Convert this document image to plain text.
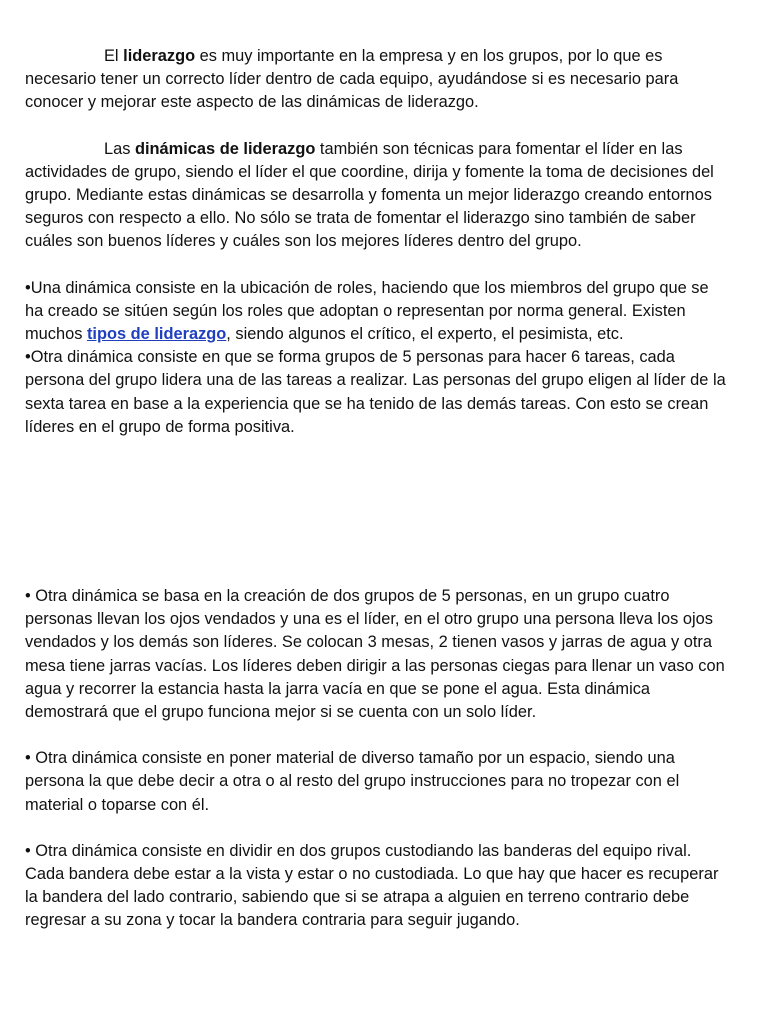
El liderazgo es muy importante en la empresa y en los grupos, por lo que es necesario tener un correcto líder dentro de cada equipo, ayudándose si es necesario para conocer y mejorar este aspecto de las dinámicas de liderazgo.

Las dinámicas de liderazgo también son técnicas para fomentar el líder en las actividades de grupo, siendo el líder el que coordine, dirija y fomente la toma de decisiones del grupo. Mediante estas dinámicas se desarrolla y fomenta un mejor liderazgo creando entornos seguros con respecto a ello. No sólo se trata de fomentar el liderazgo sino también de saber cuáles son buenos líderes y cuáles son los mejores líderes dentro del grupo.

•Una dinámica consiste en la ubicación de roles, haciendo que los miembros del grupo que se ha creado se sitúen según los roles que adoptan o representan por norma general. Existen muchos tipos de liderazgo, siendo algunos el crítico, el experto, el pesimista, etc.

•Otra dinámica consiste en que se forma grupos de 5 personas para hacer 6 tareas, cada persona del grupo lidera una de las tareas a realizar. Las personas del grupo eligen al líder de la sexta tarea en base a la experiencia que se ha tenido de las demás tareas. Con esto se crean líderes en el grupo de forma positiva.

• Otra dinámica se basa en la creación de dos grupos de 5 personas, en un grupo cuatro personas llevan los ojos vendados y una es el líder, en el otro grupo una persona lleva los ojos vendados y los demás son líderes. Se colocan 3 mesas, 2 tienen vasos y jarras de agua y otra mesa tiene jarras vacías. Los líderes deben dirigir a las personas ciegas para llenar un vaso con agua y recorrer la estancia hasta la jarra vacía en que se pone el agua. Esta dinámica demostrará que el grupo funciona mejor si se cuenta con un solo líder.

• Otra dinámica consiste en poner material de diverso tamaño por un espacio, siendo una persona la que debe decir a otra o al resto del grupo instrucciones para no tropezar con el material o toparse con él.

• Otra dinámica consiste en dividir en dos grupos custodiando las banderas del equipo rival. Cada bandera debe estar a la vista y estar o no custodiada. Lo que hay que hacer es recuperar la bandera del lado contrario, sabiendo que si se atrapa a alguien en terreno contrario debe regresar a su zona y tocar la bandera contraria para seguir jugando.
